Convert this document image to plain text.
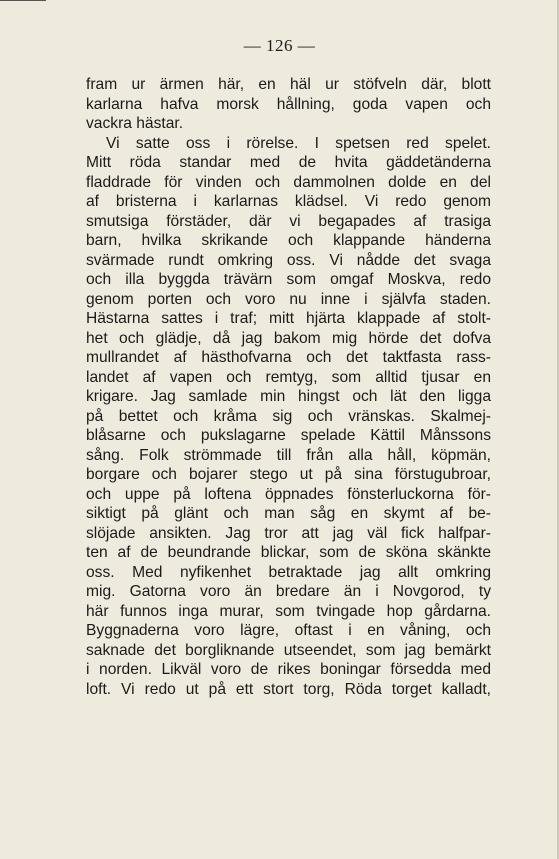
— 126 —
fram ur ärmen här, en häl ur stöfveln där, blott
karlarna hafva morsk hållning, goda vapen och
vackra hästar.
Vi satte oss i rörelse. I spetsen red spelet.
Mitt röda standar med de hvita gäddetänderna
fladdrade för vinden och dammolnen dolde en del
af bristerna i karlarnas klädsel. Vi redo genom
smutsiga förstäder, där vi begapades af trasiga
barn, hvilka skrikande och klappande händerna
svärmade rundt omkring oss. Vi nådde det svaga
och illa byggda trävärn som omgaf Moskva, redo
genom porten och voro nu inne i självfa staden.
Hästarna sattes i traf; mitt hjärta klappade af stolt-
het och glädje, då jag bakom mig hörde det dofva
mullrandet af hästhofvarna och det taktfasta rass-
landet af vapen och remtyg, som alltid tjusar en
krigare. Jag samlade min hingst och lät den ligga
på bettet och kråma sig och vränskas. Skalmej-
blåsarne och pukslagarne spelade Kättil Månssons
sång. Folk strömmade till från alla håll, köpmän,
borgare och bojarer stego ut på sina förstugubroar,
och uppe på loftena öppnades fönsterluckorna för-
siktigt på glänt och man såg en skymt af be-
slöjade ansikten. Jag tror att jag väl fick halfpar-
ten af de beundrande blickar, som de sköna skänkte
oss. Med nyfikenhet betraktade jag allt omkring
mig. Gatorna voro än bredare än i Novgorod, ty
här funnos inga murar, som tvingade hop gårdarna.
Byggnaderna voro lägre, oftast i en våning, och
saknade det borgliknande utseendet, som jag bemärkt
i norden. Likväl voro de rikes boningar försedda med
loft. Vi redo ut på ett stort torg, Röda torget kalladt,
